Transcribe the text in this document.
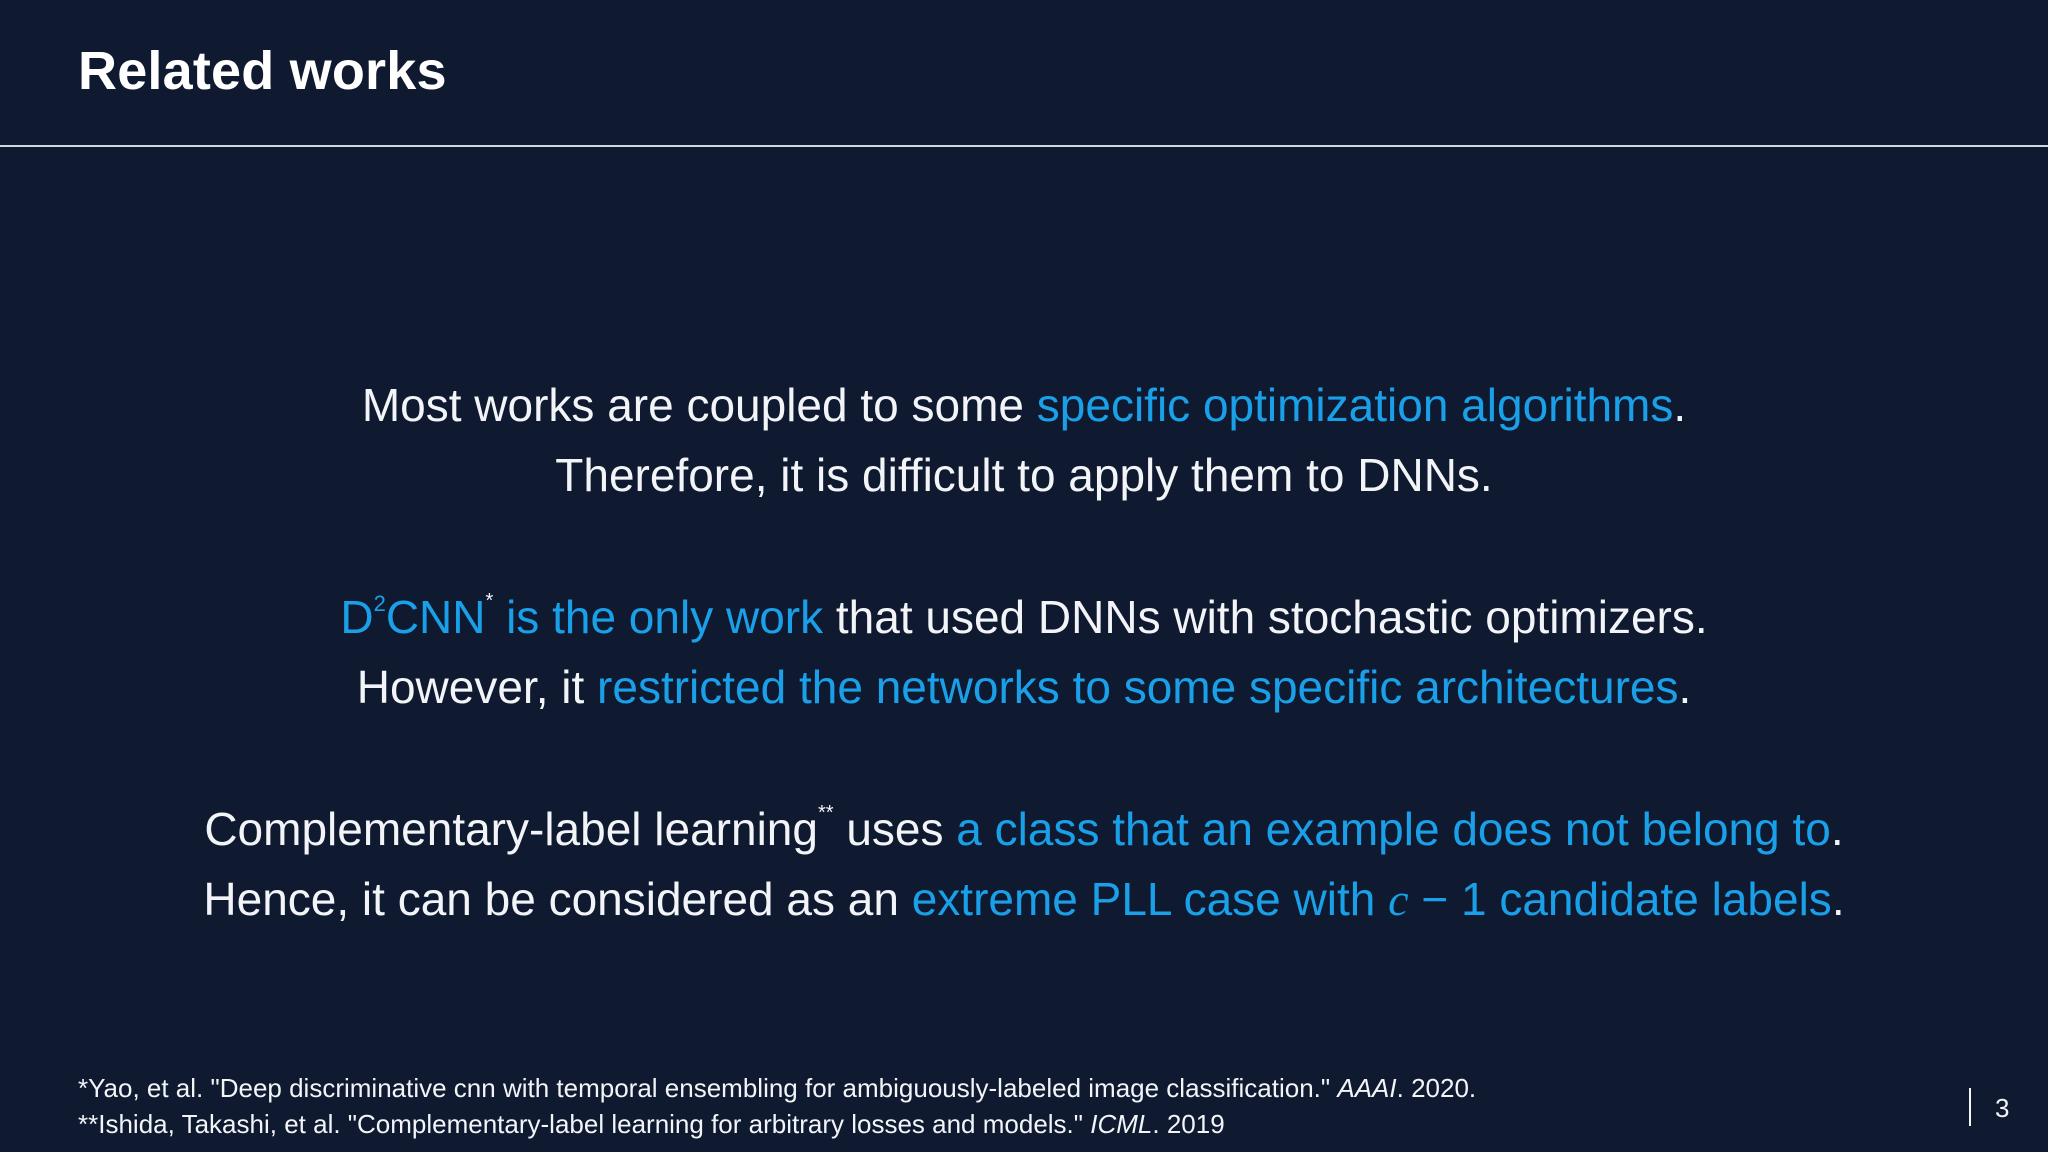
Related works
Most works are coupled to some specific optimization algorithms.
Therefore, it is difficult to apply them to DNNs.
$D^2CNN^*$ is the only work that used DNNs with stochastic optimizers.
However, it restricted the networks to some specific architectures.
Complementary-label learning** uses a class that an example does not belong to.
Hence, it can be considered as an extreme PLL case with c − 1 candidate labels.
*Yao, et al. "Deep discriminative cnn with temporal ensembling for ambiguously-labeled image classification." AAAI. 2020.
**Ishida, Takashi, et al. "Complementary-label learning for arbitrary losses and models." ICML. 2019
3
